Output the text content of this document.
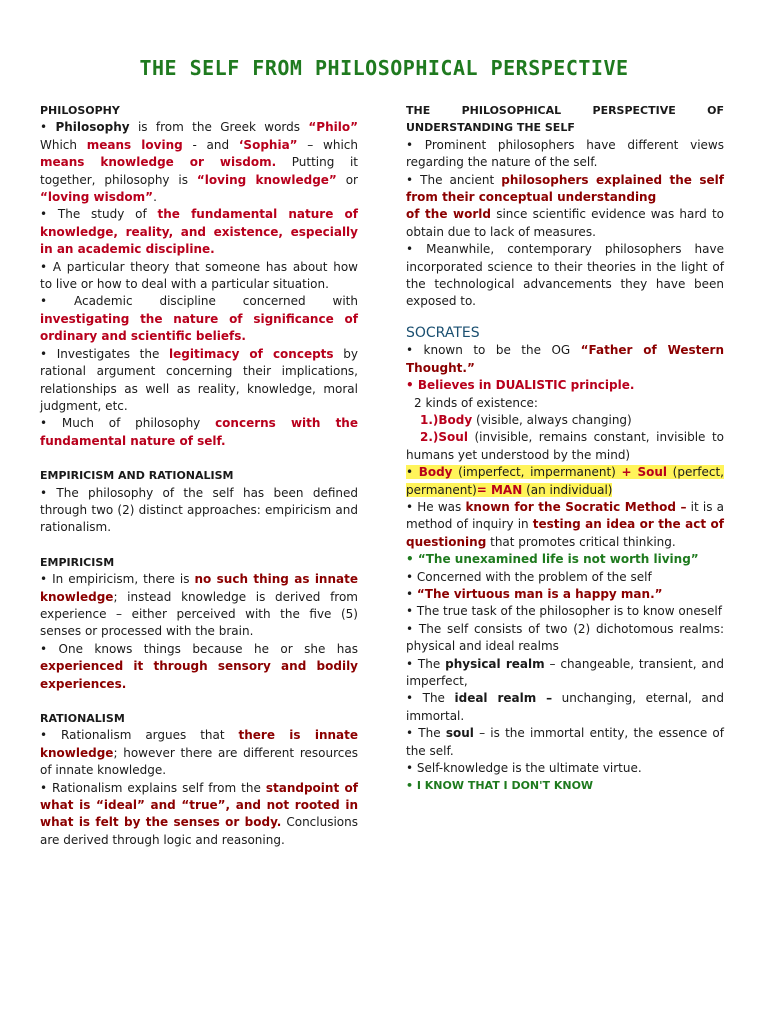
THE SELF FROM PHILOSOPHICAL PERSPECTIVE

PHILOSOPHY

• Philosophy is from the Greek words “Philo” Which means loving - and ‘Sophia” – which means knowledge or wisdom. Putting it together, philosophy is “loving knowledge” or “loving wisdom”.

• The study of the fundamental nature of knowledge, reality, and existence, especially in an academic discipline.

• A particular theory that someone has about how to live or how to deal with a particular situation.

• Academic discipline concerned with investigating the nature of significance of ordinary and scientific beliefs.

• Investigates the legitimacy of concepts by rational argument concerning their implications, relationships as well as reality, knowledge, moral judgment, etc.

• Much of philosophy concerns with the fundamental nature of self.

EMPIRICISM AND RATIONALISM

• The philosophy of the self has been defined through two (2) distinct approaches: empiricism and rationalism.

EMPIRICISM

• In empiricism, there is no such thing as innate knowledge; instead knowledge is derived from experience – either perceived with the five (5) senses or processed with the brain.

• One knows things because he or she has experienced it through sensory and bodily experiences.

RATIONALISM

• Rationalism argues that there is innate knowledge; however there are different resources of innate knowledge.

• Rationalism explains self from the standpoint of what is “ideal” and “true”, and not rooted in what is felt by the senses or body. Conclusions are derived through logic and reasoning.

THE PHILOSOPHICAL PERSPECTIVE OF UNDERSTANDING THE SELF

• Prominent philosophers have different views regarding the nature of the self.

• The ancient philosophers explained the self from their conceptual understanding
of the world since scientific evidence was hard to obtain due to lack of measures.

• Meanwhile, contemporary philosophers have incorporated science to their theories in the light of the technological advancements they have been exposed to.

SOCRATES

• known to be the OG “Father of Western Thought.”

• Believes in DUALISTIC principle.

2 kinds of existence:

1.)Body (visible, always changing)

2.)Soul (invisible, remains constant, invisible to humans yet understood by the mind)

• Body (imperfect, impermanent) + Soul (perfect, permanent)= MAN (an individual)

• He was known for the Socratic Method – it is a method of inquiry in testing an idea or the act of questioning that promotes critical thinking.

• “The unexamined life is not worth living”

• Concerned with the problem of the self

• “The virtuous man is a happy man.”

• The true task of the philosopher is to know oneself

• The self consists of two (2) dichotomous realms: physical and ideal realms

• The physical realm – changeable, transient, and imperfect,

• The ideal realm – unchanging, eternal, and immortal.

• The soul – is the immortal entity, the essence of the self.

• Self-knowledge is the ultimate virtue.

• I KNOW THAT I DON'T KNOW
